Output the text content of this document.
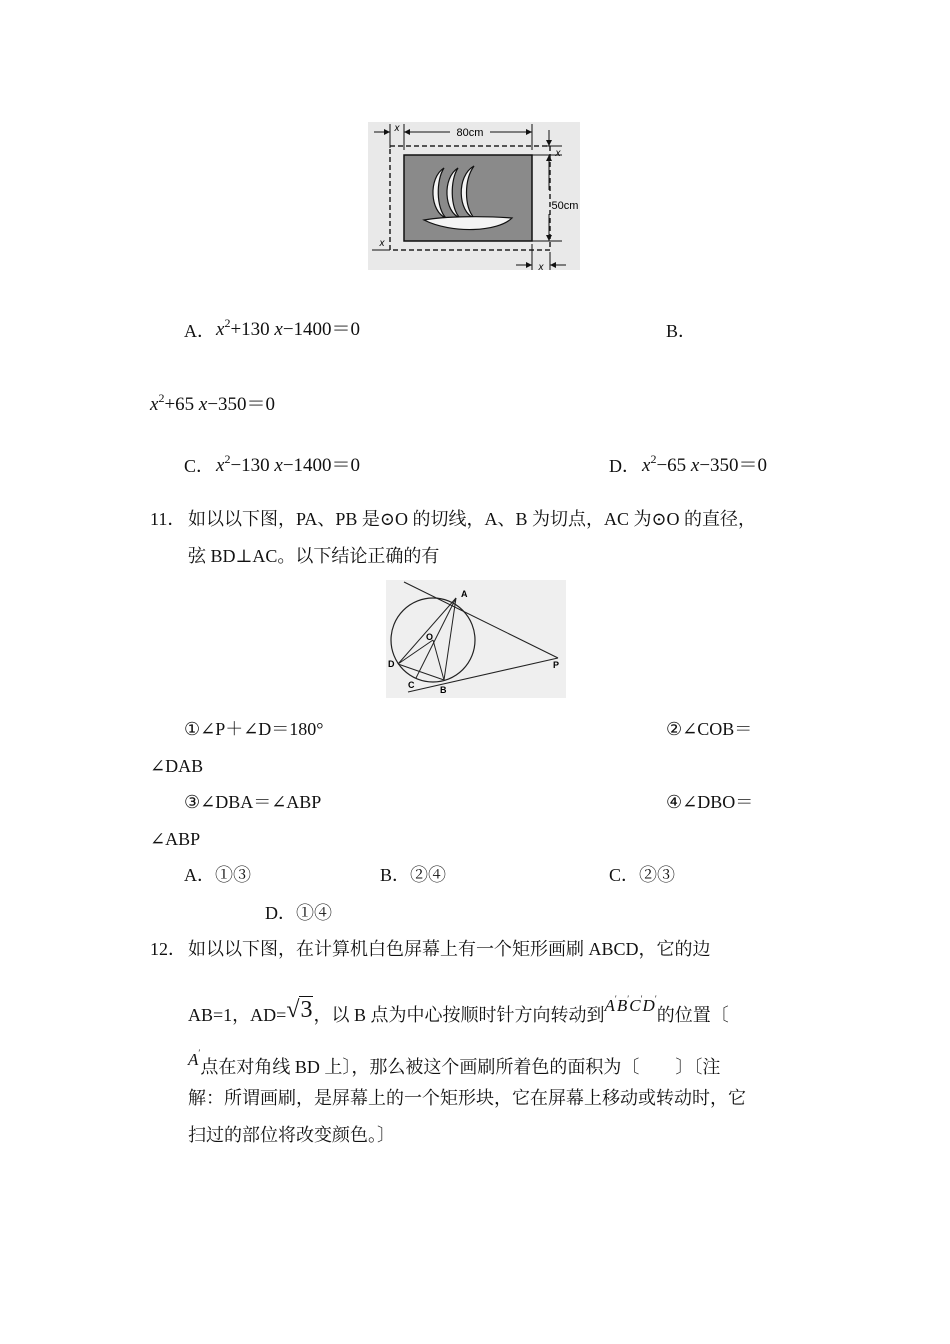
80cm
x
50cm
x
x
x
A． $x^2+130$ x−1400＝0	B．
$x^2+65$ x−350＝0
C． $x^2-130$ x−1400＝0	D． $x^2-65$ x−350＝0
11． 如以以下图，PA、PB 是⊙O 的切线，A、B 为切点，AC 为⊙O 的直径，
弦 BD⊥AC。以下结论正确的有
A
O
D
C	B
P
①∠P＋∠D＝180°	②∠COB＝
∠DAB
③∠DBA＝∠ABP	④∠DBO＝
∠ABP
A．①③	B．②④	C．②③
D．①④
12． 如以以下图，在计算机白色屏幕上有一个矩形画刷 ABCD，它的边
AB=1，AD=√3，以 B 点为中心按顺时针方向转动到A′B′C′D′的位置〔
A′点在对角线 BD 上〕，那么被这个画刷所着色的面积为〔　　〕〔注
解：所谓画刷，是屏幕上的一个矩形块，它在屏幕上移动或转动时，它
扫过的部位将改变颜色。〕
